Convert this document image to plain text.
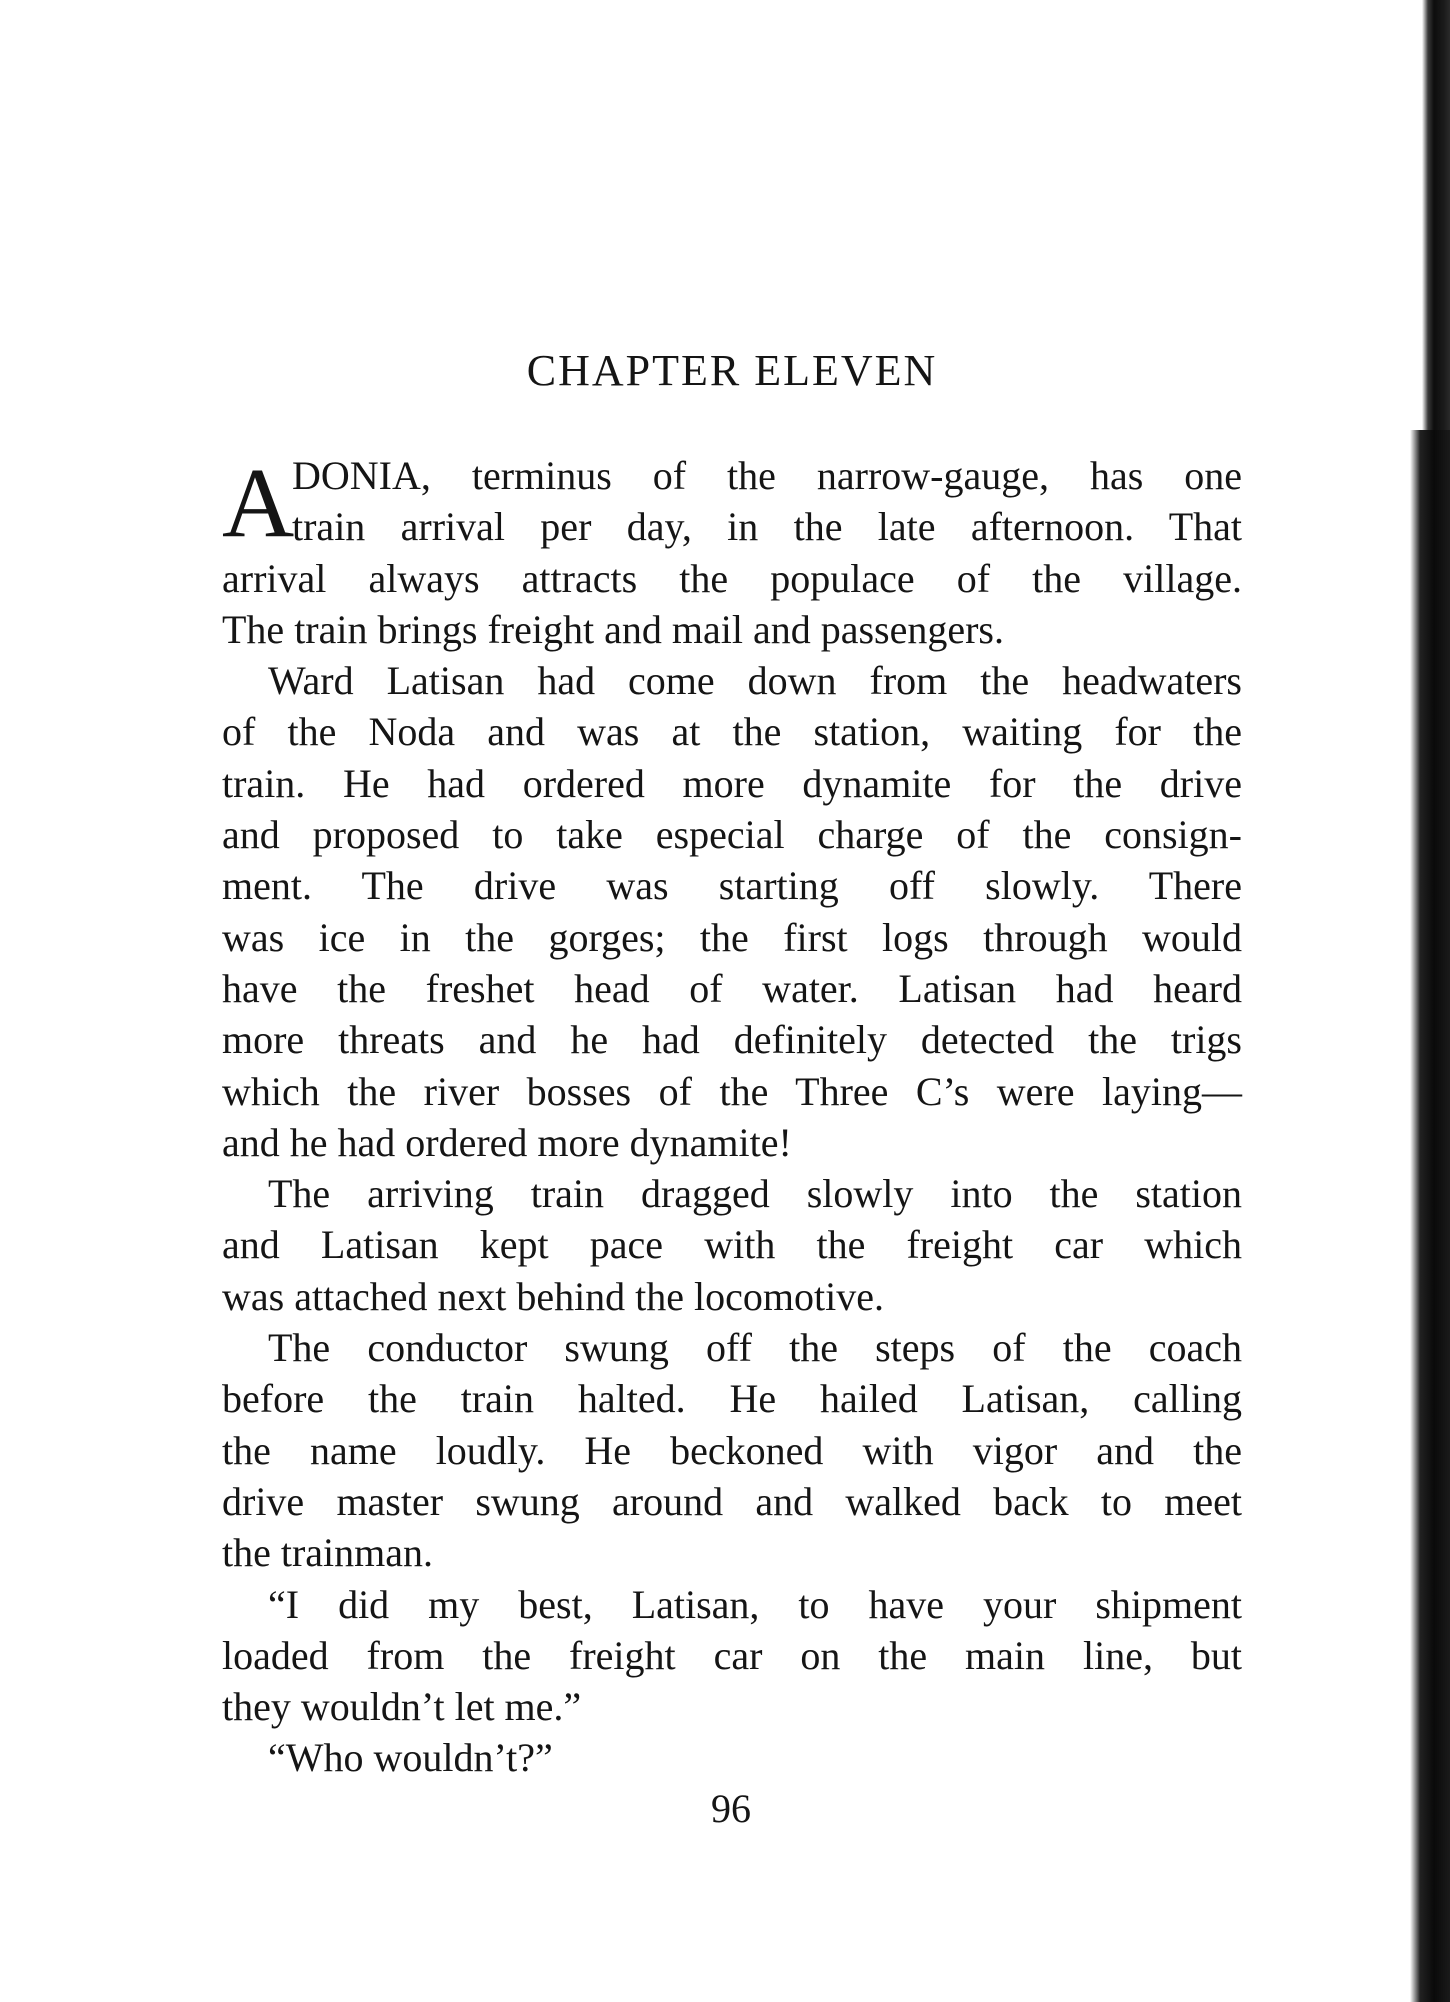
CHAPTER ELEVEN
A
DONIA, terminus of the narrow-gauge, has one
train arrival per day, in the late afternoon. That
arrival always attracts the populace of the village.
The train brings freight and mail and passengers.
Ward Latisan had come down from the headwaters
of the Noda and was at the station, waiting for the
train. He had ordered more dynamite for the drive
and proposed to take especial charge of the consign-
ment. The drive was starting off slowly. There
was ice in the gorges; the first logs through would
have the freshet head of water. Latisan had heard
more threats and he had definitely detected the trigs
which the river bosses of the Three C’s were laying—
and he had ordered more dynamite!
The arriving train dragged slowly into the station
and Latisan kept pace with the freight car which
was attached next behind the locomotive.
The conductor swung off the steps of the coach
before the train halted. He hailed Latisan, calling
the name loudly. He beckoned with vigor and the
drive master swung around and walked back to meet
the trainman.
“I did my best, Latisan, to have your shipment
loaded from the freight car on the main line, but
they wouldn’t let me.”
“Who wouldn’t?”
96
